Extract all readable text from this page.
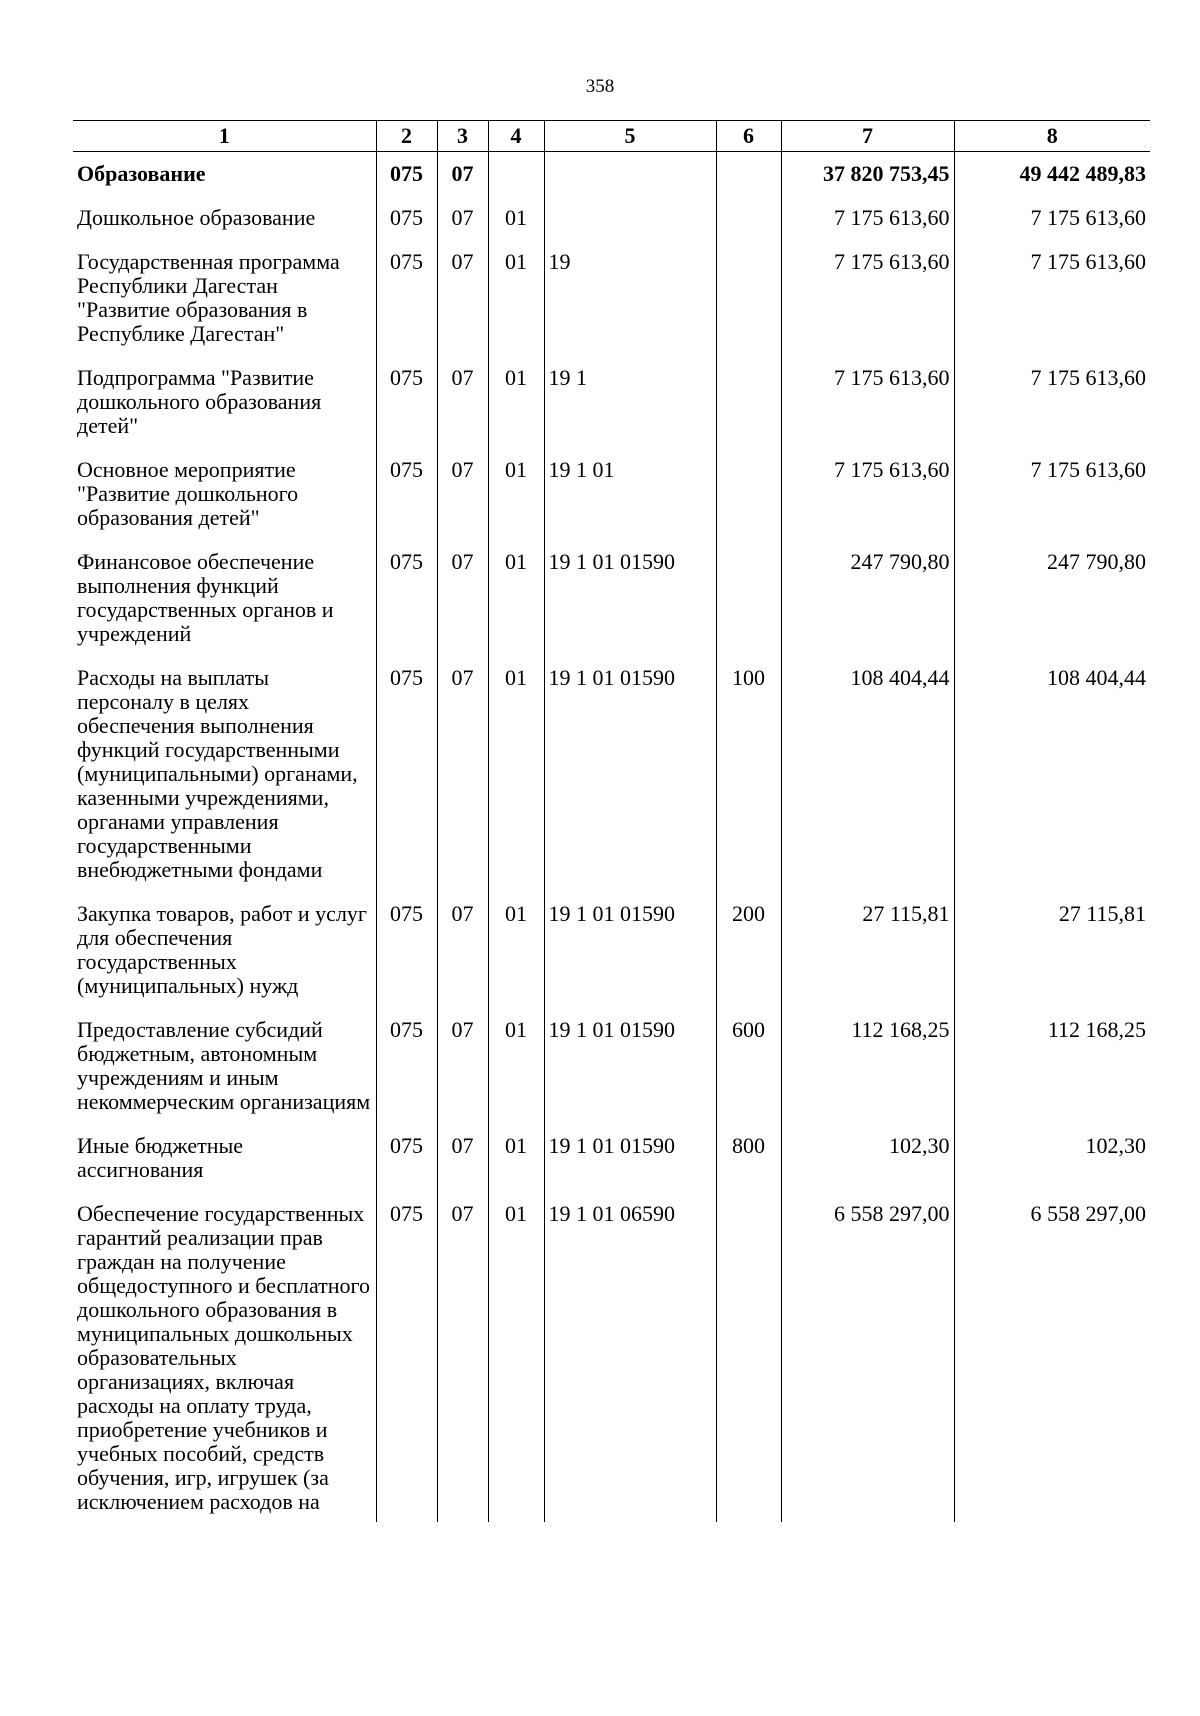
358
1	2	3	4	5	6	7	8
Образование	075	07				37 820 753,45	49 442 489,83
Дошкольное образование	075	07	01			7 175 613,60	7 175 613,60
Государственная программа Республики Дагестан "Развитие образования в Республике Дагестан"	075	07	01	19		7 175 613,60	7 175 613,60
Подпрограмма "Развитие дошкольного образования детей"	075	07	01	19 1		7 175 613,60	7 175 613,60
Основное мероприятие "Развитие дошкольного образования детей"	075	07	01	19 1 01		7 175 613,60	7 175 613,60
Финансовое обеспечение выполнения функций государственных органов и учреждений	075	07	01	19 1 01 01590		247 790,80	247 790,80
Расходы на выплаты персоналу в целях обеспечения выполнения функций государственными (муниципальными) органами, казенными учреждениями, органами управления государственными внебюджетными фондами	075	07	01	19 1 01 01590	100	108 404,44	108 404,44
Закупка товаров, работ и услуг для обеспечения государственных (муниципальных) нужд	075	07	01	19 1 01 01590	200	27 115,81	27 115,81
Предоставление субсидий бюджетным, автономным учреждениям и иным некоммерческим организациям	075	07	01	19 1 01 01590	600	112 168,25	112 168,25
Иные бюджетные ассигнования	075	07	01	19 1 01 01590	800	102,30	102,30
Обеспечение государственных гарантий реализации прав граждан на получение общедоступного и бесплатного дошкольного образования в муниципальных дошкольных образовательных организациях, включая расходы на оплату труда, приобретение учебников и учебных пособий, средств обучения, игр, игрушек (за исключением расходов на	075	07	01	19 1 01 06590		6 558 297,00	6 558 297,00
